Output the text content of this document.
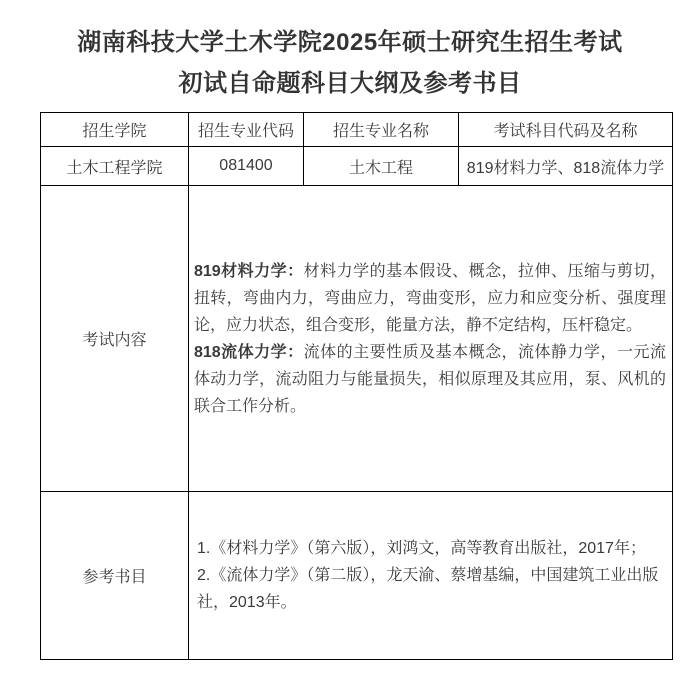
湖南科技大学土木学院2025年硕士研究生招生考试
初试自命题科目大纲及参考书目
招生学院	招生专业代码	招生专业名称	考试科目代码及名称
土木工程学院	081400	土木工程	819材料力学、818流体力学
考试内容	819材料力学：材料力学的基本假设、概念，拉伸、压缩与剪切，扭转，弯曲内力，弯曲应力，弯曲变形，应力和应变分析、强度理论，应力状态，组合变形，能量方法，静不定结构，压杆稳定。

818流体力学：流体的主要性质及基本概念，流体静力学，一元流体动力学，流动阻力与能量损失，相似原理及其应用，泵、风机的联合工作分析。		

参考书目	1.《材料力学》（第六版），刘鸿文，高等教育出版社，2017年；

2.《流体力学》（第二版），龙天渝、蔡增基编，中国建筑工业出版社，2013年。		
